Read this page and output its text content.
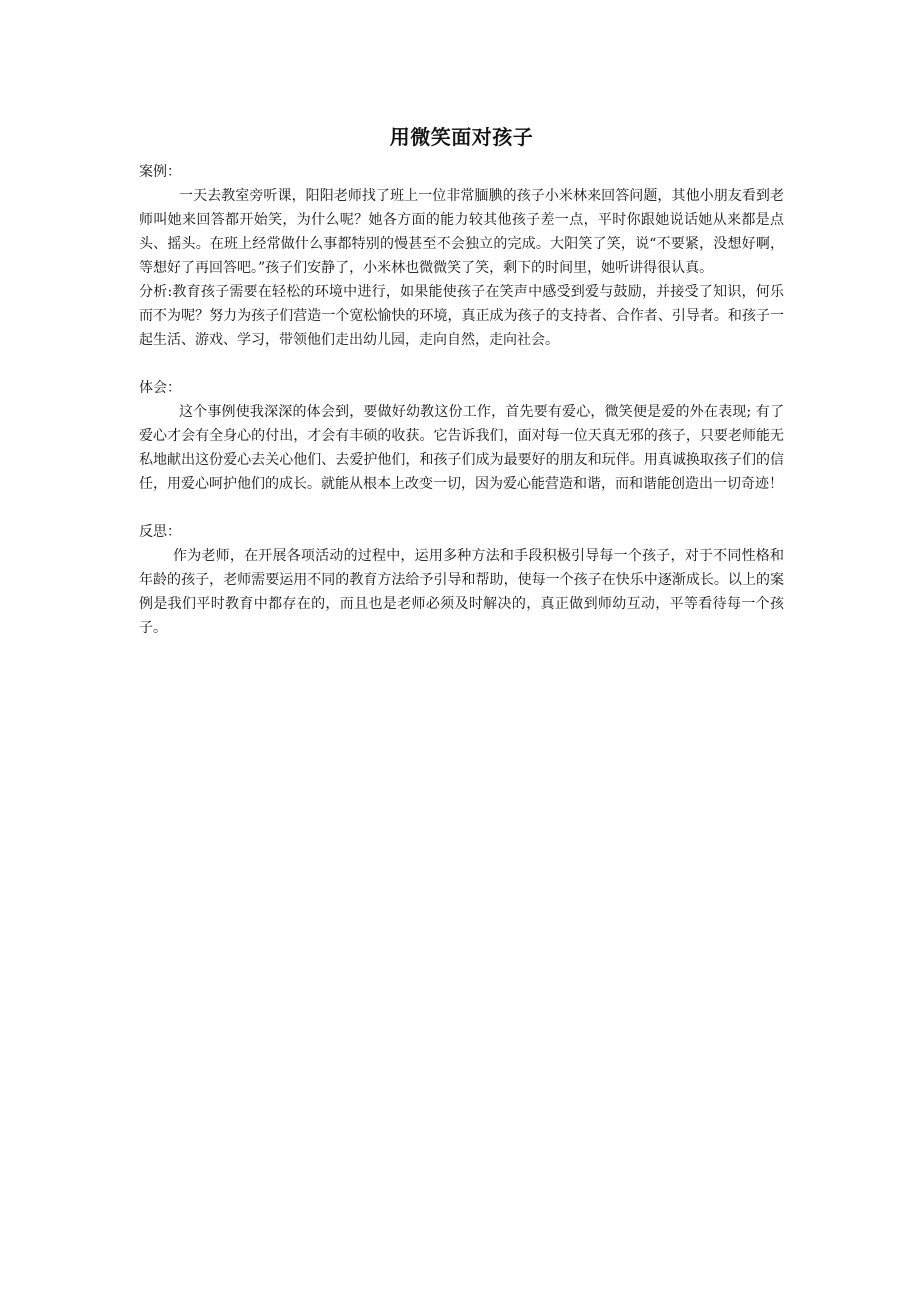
用微笑面对孩子

案例：

一天去教室旁听课，阳阳老师找了班上一位非常腼腆的孩子小米林来回答问题，其他小朋友看到老师叫她来回答都开始笑，为什么呢？她各方面的能力较其他孩子差一点，平时你跟她说话她从来都是点头、摇头。在班上经常做什么事都特别的慢甚至不会独立的完成。大阳笑了笑，说“不要紧，没想好啊，等想好了再回答吧。”孩子们安静了，小米林也微微笑了笑，剩下的时间里，她听讲得很认真。

分析:教育孩子需要在轻松的环境中进行，如果能使孩子在笑声中感受到爱与鼓励，并接受了知识，何乐而不为呢？努力为孩子们营造一个宽松愉快的环境，真正成为孩子的支持者、合作者、引导者。和孩子一起生活、游戏、学习，带领他们走出幼儿园，走向自然，走向社会。

体会：

这个事例使我深深的体会到，要做好幼教这份工作，首先要有爱心，微笑便是爱的外在表现; 有了爱心才会有全身心的付出，才会有丰硕的收获。它告诉我们，面对每一位天真无邪的孩子，只要老师能无私地献出这份爱心去关心他们、去爱护他们，和孩子们成为最要好的朋友和玩伴。用真诚换取孩子们的信任，用爱心呵护他们的成长。就能从根本上改变一切，因为爱心能营造和谐，而和谐能创造出一切奇迹！

反思：

作为老师，在开展各项活动的过程中，运用多种方法和手段积极引导每一个孩子，对于不同性格和年龄的孩子，老师需要运用不同的教育方法给予引导和帮助，使每一个孩子在快乐中逐渐成长。以上的案例是我们平时教育中都存在的，而且也是老师必须及时解决的，真正做到师幼互动，平等看待每一个孩子。
